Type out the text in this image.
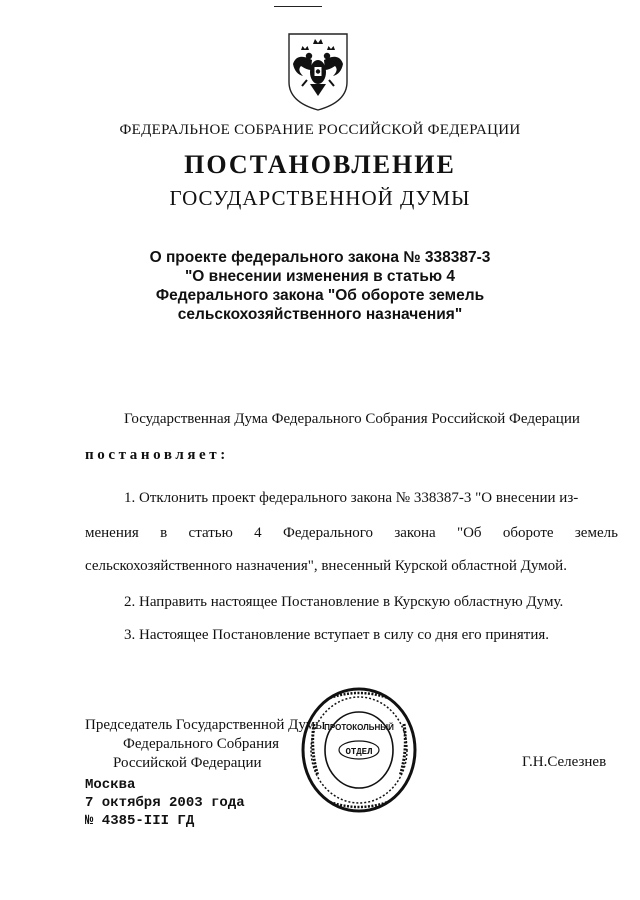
ФЕДЕРАЛЬНОЕ СОБРАНИЕ РОССИЙСКОЙ ФЕДЕРАЦИИ
ПОСТАНОВЛЕНИЕ
ГОСУДАРСТВЕННОЙ ДУМЫ
О проекте федерального закона № 338387-3
"О внесении изменения в статью 4
Федерального закона "Об обороте земель
сельскохозяйственного назначения"
Государственная Дума Федерального Собрания Российской Федерации
постановляет:
1. Отклонить проект федерального закона № 338387-3 "О внесении из-
менения в статью 4 Федерального закона "Об обороте земель
сельскохозяйственного назначения", внесенный Курской областной Думой.
2. Направить настоящее Постановление в Курскую областную Думу.
3. Настоящее Постановление вступает в силу со дня его принятия.
Председатель Государственной Думы
Федерального Собрания
Российской Федерации
ОТДЕЛ
ПРОТОКОЛЬНЫЙ
Г.Н.Селезнев
Москва
7 октября 2003 года
№ 4385-III ГД
